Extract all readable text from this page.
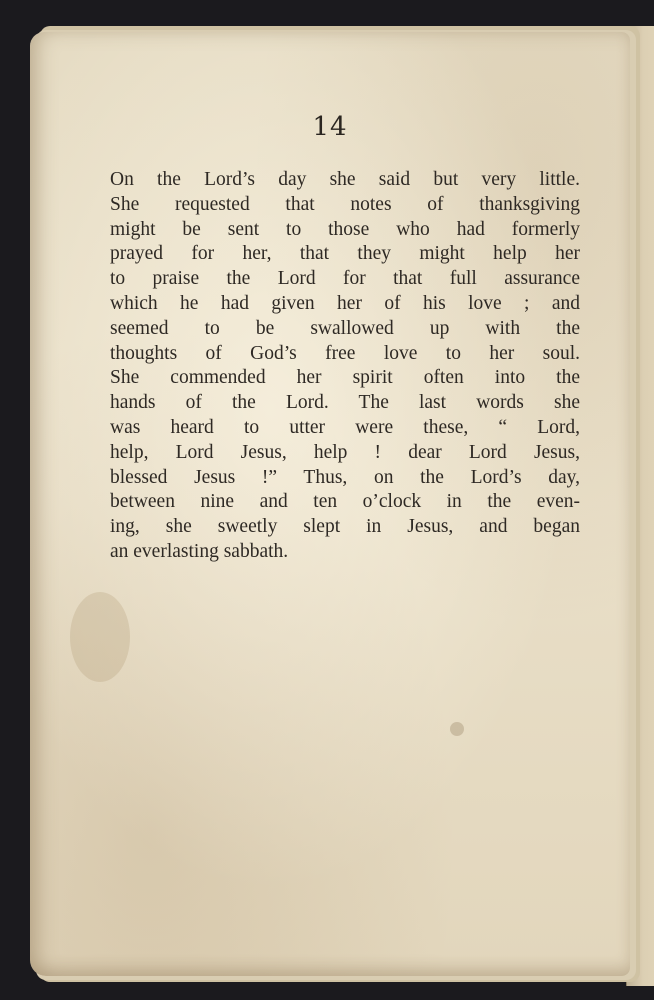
14
On the Lord’s day she said but very little.
She requested that notes of thanksgiving
might be sent to those who had formerly
prayed for her, that they might help her
to praise the Lord for that full assurance
which he had given her of his love ; and
seemed to be swallowed up with the
thoughts of God’s free love to her soul.
She commended her spirit often into the
hands of the Lord. The last words she
was heard to utter were these, “ Lord,
help, Lord Jesus, help ! dear Lord Jesus,
blessed Jesus !” Thus, on the Lord’s day,
between nine and ten o’clock in the even-
ing, she sweetly slept in Jesus, and began
an everlasting sabbath.
